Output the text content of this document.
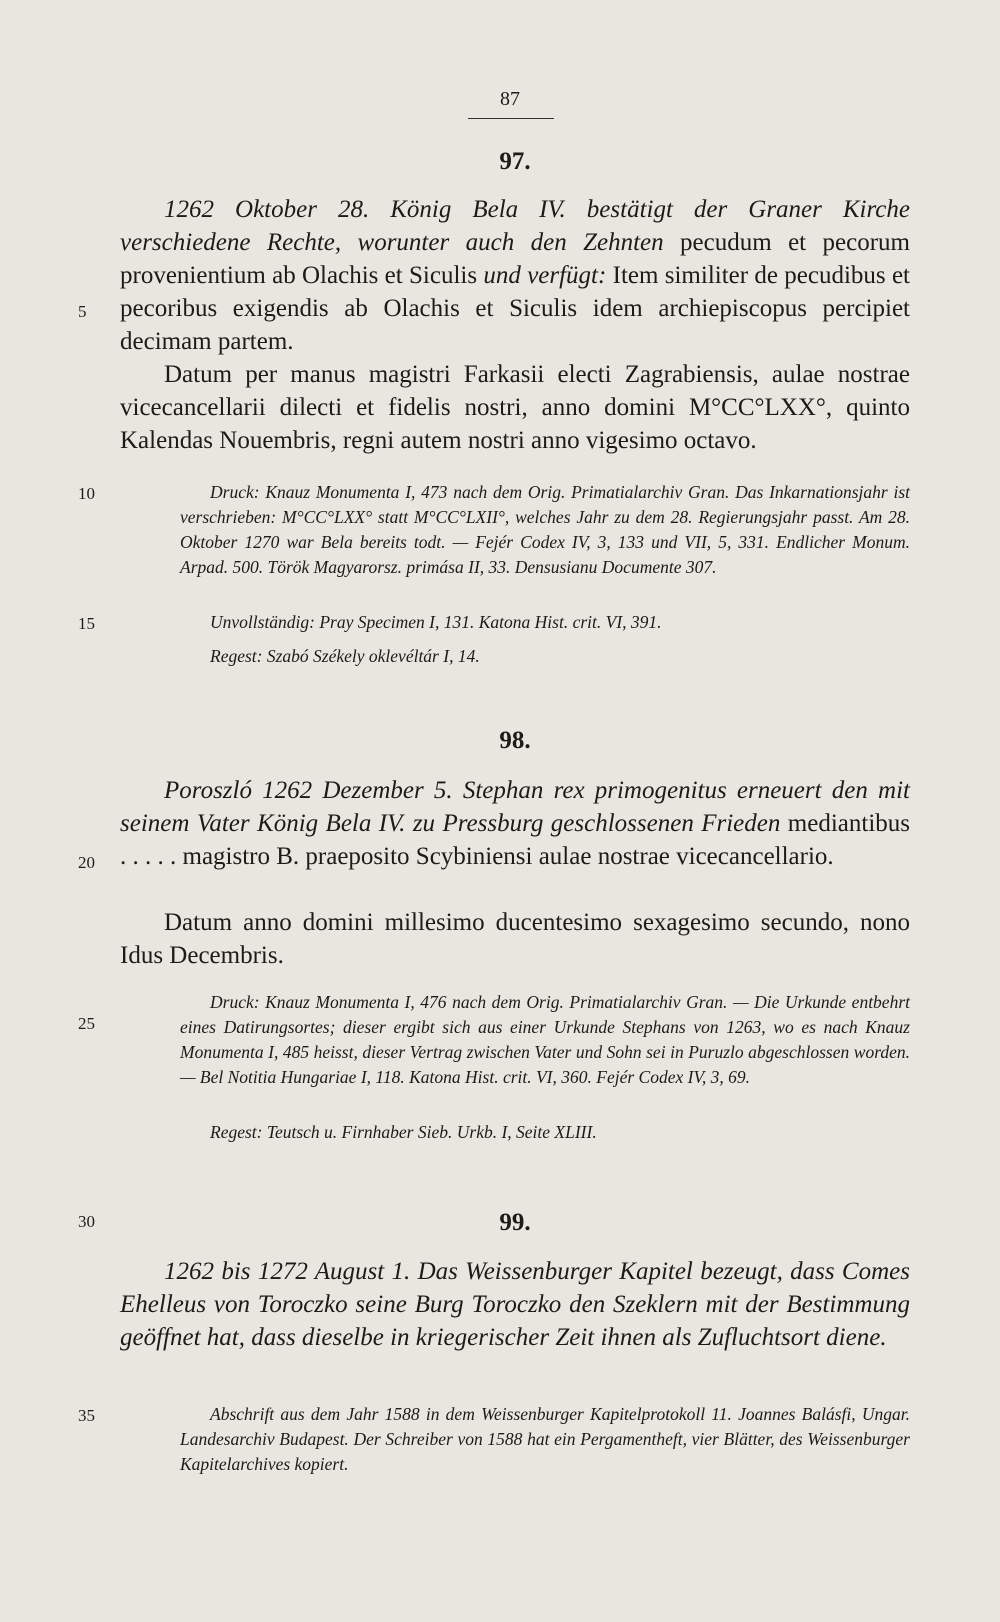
87
5
10
15
20
25
30
35
97.
1262 Oktober 28. König Bela IV. bestätigt der Graner Kirche verschiedene Rechte, worunter auch den Zehnten pecudum et pecorum provenientium ab Olachis et Siculis und verfügt: Item similiter de pecudibus et pecoribus exigendis ab Olachis et Siculis idem archiepiscopus percipiet decimam partem.
Datum per manus magistri Farkasii electi Zagrabiensis, aulae nostrae vicecancellarii dilecti et fidelis nostri, anno domini M°CC°LXX°, quinto Kalendas Nouembris, regni autem nostri anno vigesimo octavo.
Druck: Knauz Monumenta I, 473 nach dem Orig. Primatialarchiv Gran. Das Inkarnationsjahr ist verschrieben: M°CC°LXX° statt M°CC°LXII°, welches Jahr zu dem 28. Regierungsjahr passt. Am 28. Oktober 1270 war Bela bereits todt. — Fejér Codex IV, 3, 133 und VII, 5, 331. Endlicher Monum. Arpad. 500. Török Magyarorsz. primása II, 33. Densusianu Documente 307.
Unvollständig: Pray Specimen I, 131. Katona Hist. crit. VI, 391.
Regest: Szabó Székely oklevéltár I, 14.
98.
Poroszló 1262 Dezember 5. Stephan rex primogenitus erneuert den mit seinem Vater König Bela IV. zu Pressburg geschlossenen Frieden mediantibus . . . . . magistro B. praeposito Scybiniensi aulae nostrae vicecancellario.
Datum anno domini millesimo ducentesimo sexagesimo secundo, nono Idus Decembris.
Druck: Knauz Monumenta I, 476 nach dem Orig. Primatialarchiv Gran. — Die Urkunde entbehrt eines Datirungsortes; dieser ergibt sich aus einer Urkunde Stephans von 1263, wo es nach Knauz Monumenta I, 485 heisst, dieser Vertrag zwischen Vater und Sohn sei in Puruzlo abgeschlossen worden. — Bel Notitia Hungariae I, 118. Katona Hist. crit. VI, 360. Fejér Codex IV, 3, 69.
Regest: Teutsch u. Firnhaber Sieb. Urkb. I, Seite XLIII.
99.
1262 bis 1272 August 1. Das Weissenburger Kapitel bezeugt, dass Comes Ehelleus von Toroczko seine Burg Toroczko den Szeklern mit der Bestimmung geöffnet hat, dass dieselbe in kriegerischer Zeit ihnen als Zufluchtsort diene.
Abschrift aus dem Jahr 1588 in dem Weissenburger Kapitelprotokoll 11. Joannes Balásfi, Ungar. Landesarchiv Budapest. Der Schreiber von 1588 hat ein Pergamentheft, vier Blätter, des Weissenburger Kapitelarchives kopiert.
